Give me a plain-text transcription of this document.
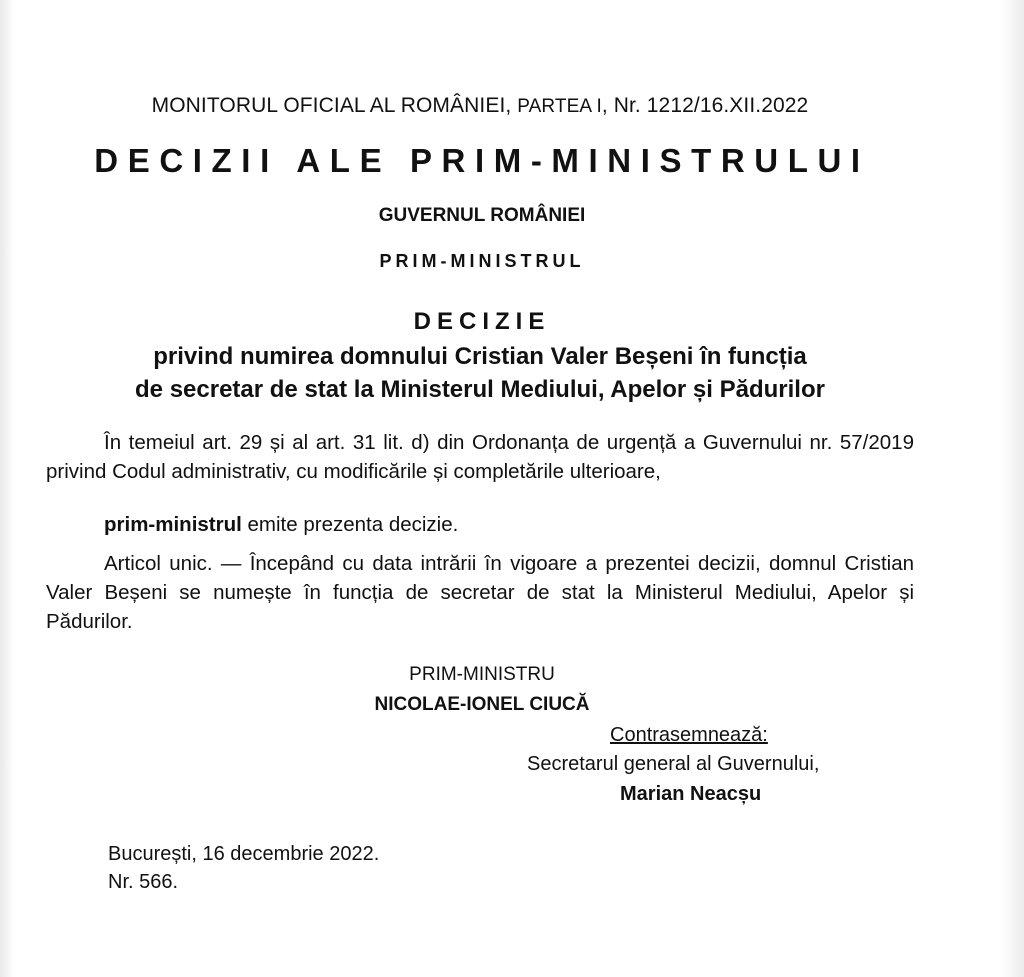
MONITORUL OFICIAL AL ROMÂNIEI, PARTEA I, Nr. 1212/16.XII.2022
DECIZII ALE PRIM-MINISTRULUI
GUVERNUL ROMÂNIEI
PRIM-MINISTRUL
DECIZIE
privind numirea domnului Cristian Valer Beșeni în funcția
de secretar de stat la Ministerul Mediului, Apelor și Pădurilor
În temeiul art. 29 și al art. 31 lit. d) din Ordonanța de urgență a Guvernului nr. 57/2019 privind Codul administrativ, cu modificările și completările ulterioare,
prim-ministrul emite prezenta decizie.
Articol unic. — Începând cu data intrării în vigoare a prezentei decizii, domnul Cristian Valer Beșeni se numește în funcția de secretar de stat la Ministerul Mediului, Apelor și Pădurilor.
PRIM-MINISTRU
NICOLAE-IONEL CIUCĂ
Contrasemnează:
Secretarul general al Guvernului,
Marian Neacșu
București, 16 decembrie 2022.
Nr. 566.
